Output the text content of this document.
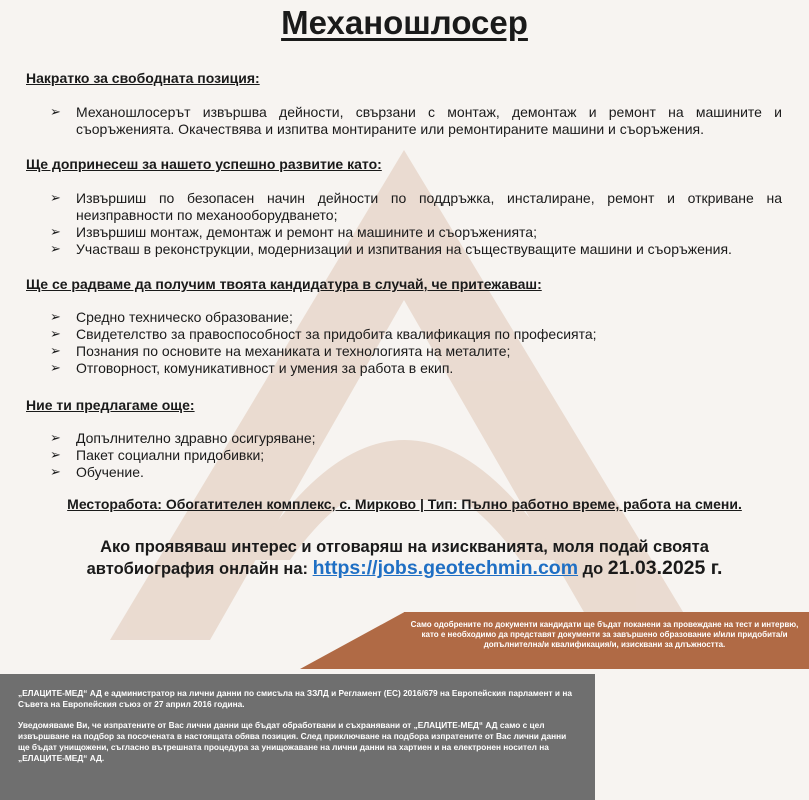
Механошлосер
Накратко за свободната позиция:
➢ Механошлосерът извършва дейности, свързани с монтаж, демонтаж и ремонт на машините и съоръженията. Окачествява и изпитва монтираните или ремонтираните машини и съоръжения.
Ще допринесеш за нашето успешно развитие като:
➢ Извършиш по безопасен начин дейности по поддръжка, инсталиране, ремонт и откриване на неизправности по механооборудването;
➢ Извършиш монтаж, демонтаж и ремонт на машините и съоръженията;
➢ Участваш в реконструкции, модернизации и изпитвания на съществуващите машини и съоръжения.
Ще се радваме да получим твоята кандидатура в случай, че притежаваш:
➢ Средно техническо образование;
➢ Свидетелство за правоспособност за придобита квалификация по професията;
➢ Познания по основите на механиката и технологията на металите;
➢ Отговорност, комуникативност и умения за работа в екип.
Ние ти предлагаме още:
➢ Допълнително здравно осигуряване;
➢ Пакет социални придобивки;
➢ Обучение.

Месторабота: Обогатителен комплекс, с. Мирково | Тип: Пълно работно време, работа на смени.

Ако проявяваш интерес и отговаряш на изискванията, моля подай своята
автобиография онлайн на: https://jobs.geotechmin.com до 21.03.2025 г.

Само одобрените по документи кандидати ще бъдат поканени за провеждане на тест и интервю, като е необходимо да представят документи за завършено образование и/или придобита/и допълнителна/и квалификация/и, изисквани за длъжността.

„ЕЛАЦИТЕ-МЕД“ АД е администратор на лични данни по смисъла на ЗЗЛД и Регламент (ЕС) 2016/679 на Европейския парламент и на Съвета на Европейския съюз от 27 април 2016 година.

Уведомяваме Ви, че изпратените от Вас лични данни ще бъдат обработвани и съхранявани от „ЕЛАЦИТЕ-МЕД“ АД само с цел извършване на подбор за посочената в настоящата обява позиция. След приключване на подбора изпратените от Вас лични данни ще бъдат унищожени, съгласно вътрешната процедура за унищожаване на лични данни на хартиен и на електронен носител на „ЕЛАЦИТЕ-МЕД“ АД.
